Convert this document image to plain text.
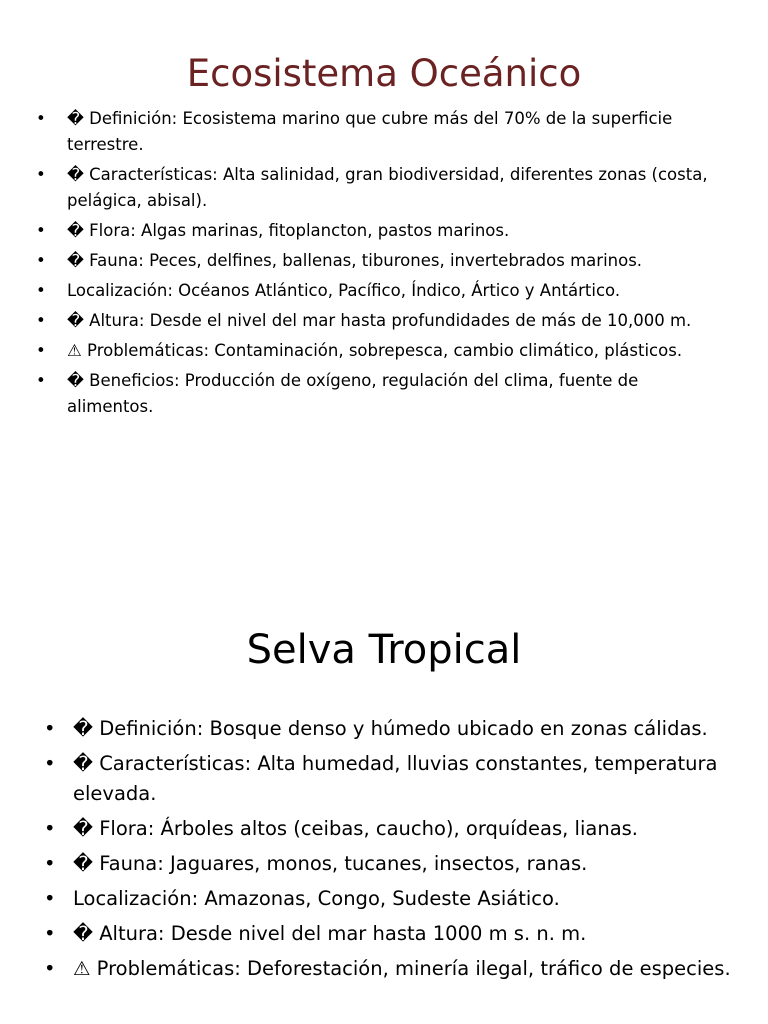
Ecosistema Oceánico
• � Definición: Ecosistema marino que cubre más del 70% de la superficie terrestre.
• � Características: Alta salinidad, gran biodiversidad, diferentes zonas (costa, pelágica, abisal).
• � Flora: Algas marinas, fitoplancton, pastos marinos.
• � Fauna: Peces, delfines, ballenas, tiburones, invertebrados marinos.
• Localización: Océanos Atlántico, Pacífico, Índico, Ártico y Antártico.
• � Altura: Desde el nivel del mar hasta profundidades de más de 10,000 m.
• ⚠ Problemáticas: Contaminación, sobrepesca, cambio climático, plásticos.
• � Beneficios: Producción de oxígeno, regulación del clima, fuente de alimentos.
Selva Tropical
• � Definición: Bosque denso y húmedo ubicado en zonas cálidas.
• � Características: Alta humedad, lluvias constantes, temperatura elevada.
• � Flora: Árboles altos (ceibas, caucho), orquídeas, lianas.
• � Fauna: Jaguares, monos, tucanes, insectos, ranas.
• Localización: Amazonas, Congo, Sudeste Asiático.
• � Altura: Desde nivel del mar hasta 1000 m s. n. m.
• ⚠ Problemáticas: Deforestación, minería ilegal, tráfico de especies.
